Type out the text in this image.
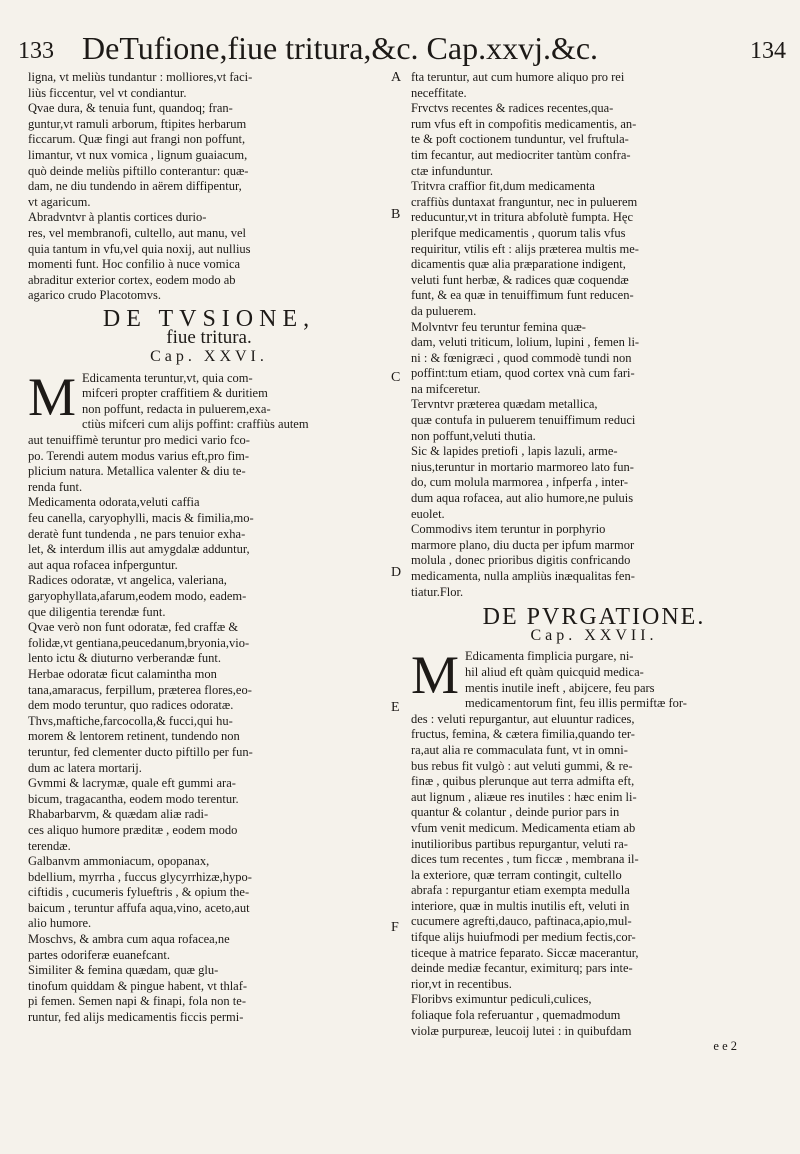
133 DeTufione,fiue tritura,&c. Cap.xxvj.&c.	134
A
B
C
D
E
F
ligna, vt meliùs tundantur : molliores,vt faci-
liùs ficcentur, vel vt condiantur.
Qvae dura, & tenuia funt, quandoq; fran-
guntur,vt ramuli arborum, ftipites herbarum
ficcarum. Quæ fingi aut frangi non poffunt,
limantur, vt nux vomica , lignum guaiacum,
quò deinde meliùs piftillo conterantur: quæ-
dam, ne diu tundendo in aërem diffipentur,
vt agaricum.
Abradvntvr à plantis cortices durio-
res, vel membranofi, cultello, aut manu, vel
quia tantum in vfu,vel quia noxij, aut nullius
momenti funt. Hoc confilio à nuce vomica
abraditur exterior cortex, eodem modo ab
agarico crudo Placotomvs.
DE TVSIONE,
fiue tritura.
Cap. XXVI.
M Edicamenta teruntur,vt, quia com-
mifceri propter craffitiem & duritiem
non poffunt, redacta in puluerem,exa-
ctiùs mifceri cum alijs poffint: craffiùs autem
aut tenuiffimè teruntur pro medici vario fco-
po. Terendi autem modus varius eft,pro fim-
plicium natura. Metallica valenter & diu te-
renda funt.
Medicamenta odorata,veluti caffia
feu canella, caryophylli, macis & fimilia,mo-
deratè funt tundenda , ne pars tenuior exha-
let, & interdum illis aut amygdalæ adduntur,
aut aqua rofacea infperguntur.
Radices odoratæ, vt angelica, valeriana,
garyophyllata,afarum,eodem modo, eadem-
que diligentia terendæ funt.
Qvae verò non funt odoratæ, fed craffæ &
folidæ,vt gentiana,peucedanum,bryonia,vio-
lento ictu & diuturno verberandæ funt.
Herbae odoratæ ficut calamintha mon
tana,amaracus, ferpillum, præterea flores,eo-
dem modo teruntur, quo radices odoratæ.
Thvs,maftiche,farcocolla,& fucci,qui hu-
morem & lentorem retinent, tundendo non
teruntur, fed clementer ducto piftillo per fun-
dum ac latera mortarij.
Gvmmi & lacrymæ, quale eft gummi ara-
bicum, tragacantha, eodem modo terentur.
Rhabarbarvm, & quædam aliæ radi-
ces aliquo humore præditæ , eodem modo
terendæ.
Galbanvm ammoniacum, opopanax,
bdellium, myrrha , fuccus glycyrrhizæ,hypo-
ciftidis , cucumeris fylueftris , & opium the-
baicum , teruntur affufa aqua,vino, aceto,aut
alio humore.
Moschvs, & ambra cum aqua rofacea,ne
partes odoriferæ euanefcant.
Similiter & femina quædam, quæ glu-
tinofum quiddam & pingue habent, vt thlaf-
pi femen. Semen napi & finapi, fola non te-
runtur, fed alijs medicamentis ficcis permi-
fta teruntur, aut cum humore aliquo pro rei
neceffitate.
Frvctvs recentes & radices recentes,qua-
rum vfus eft in compofitis medicamentis, an-
te & poft coctionem tunduntur, vel fruftula-
tim fecantur, aut mediocriter tantùm confra-
ctæ infunduntur.
Tritvra craffior fit,dum medicamenta
craffiùs duntaxat franguntur, nec in puluerem
reducuntur,vt in tritura abfolutè fumpta. Hęc
plerifque medicamentis , quorum talis vfus
requiritur, vtilis eft : alijs præterea multis me-
dicamentis quæ alia præparatione indigent,
veluti funt herbæ, & radices quæ coquendæ
funt, & ea quæ in tenuiffimum funt reducen-
da puluerem.
Molvntvr feu teruntur femina quæ-
dam, veluti triticum, lolium, lupini , femen li-
ni : & fœnigræci , quod commodè tundi non
poffint:tum etiam, quod cortex vnà cum fari-
na mifceretur.
Tervntvr præterea quædam metallica,
quæ contufa in puluerem tenuiffimum reduci
non poffunt,veluti thutia.
Sic & lapides pretiofi , lapis lazuli, arme-
nius,teruntur in mortario marmoreo lato fun-
do, cum molula marmorea , infperfa , inter-
dum aqua rofacea, aut alio humore,ne puluis
euolet.
Commodivs item teruntur in porphyrio
marmore plano, diu ducta per ipfum marmor
molula , donec prioribus digitis confricando
medicamenta, nulla ampliùs inæqualitas fen-
tiatur.Flor.
DE PVRGATIONE.
Cap. XXVII.
M Edicamenta fimplicia purgare, ni-
hil aliud eft quàm quicquid medica-
mentis inutile ineft , abijcere, feu pars
medicamentorum fint, feu illis permiftæ for-
des : veluti repurgantur, aut eluuntur radices,
fructus, femina, & cætera fimilia,quando ter-
ra,aut alia re commaculata funt, vt in omni-
bus rebus fit vulgò : aut veluti gummi, & re-
finæ , quibus plerunque aut terra admifta eft,
aut lignum , aliæue res inutiles : hæc enim li-
quantur & colantur , deinde purior pars in
vfum venit medicum. Medicamenta etiam ab
inutilioribus partibus repurgantur, veluti ra-
dices tum recentes , tum ficcæ , membrana il-
la exteriore, quæ terram contingit, cultello
abrafa : repurgantur etiam exempta medulla
interiore, quæ in multis inutilis eft, veluti in
cucumere agrefti,dauco, paftinaca,apio,mul-
tifque alijs huiufmodi per medium fectis,cor-
ticeque à matrice feparato. Siccæ macerantur,
deinde mediæ fecantur, eximiturq; pars inte-
rior,vt in recentibus.
Floribvs eximuntur pediculi,culices,
foliaque fola referuantur , quemadmodum
violæ purpureæ, leucoij lutei : in quibufdam
e e 2
